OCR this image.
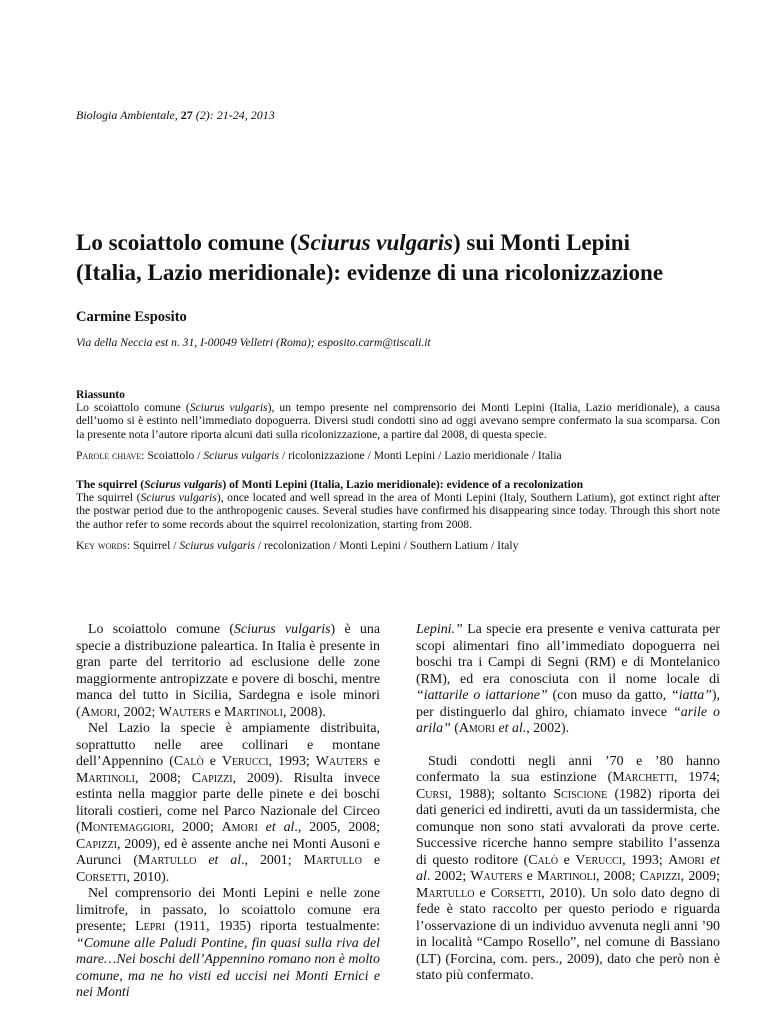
Biologia Ambientale, 27 (2): 21-24, 2013
Lo scoiattolo comune (Sciurus vulgaris) sui Monti Lepini
(Italia, Lazio meridionale): evidenze di una ricolonizzazione
Carmine Esposito
Via della Neccia est n. 31, I-00049 Velletri (Roma); esposito.carm@tiscali.it

Riassunto

Lo scoiattolo comune (Sciurus vulgaris), un tempo presente nel comprensorio dei Monti Lepini (Italia, Lazio meridionale), a causa dell’uomo si è estinto nell’immediato dopoguerra. Diversi studi condotti sino ad oggi avevano sempre confermato la sua scomparsa. Con la presente nota l’autore riporta alcuni dati sulla ricolonizzazione, a partire dal 2008, di questa specie.

Parole chiave: Scoiattolo / Sciurus vulgaris / ricolonizzazione / Monti Lepini / Lazio meridionale / Italia

The squirrel (Sciurus vulgaris) of Monti Lepini (Italia, Lazio meridionale): evidence of a recolonization

The squirrel (Sciurus vulgaris), once located and well spread in the area of Monti Lepini (Italy, Southern Latium), got extinct right after the postwar period due to the anthropogenic causes. Several studies have confirmed his disappearing since today. Through this short note the author refer to some records about the squirrel recolonization, starting from 2008.

Key words: Squirrel / Sciurus vulgaris / recolonization / Monti Lepini / Southern Latium / Italy

Lo scoiattolo comune (Sciurus vulgaris) è una specie a distribuzione paleartica. In Italia è presente in gran parte del territorio ad esclusione delle zone maggiormente antropizzate e povere di boschi, mentre manca del tutto in Sicilia, Sardegna e isole minori (Amori, 2002; Wauters e Martinoli, 2008).

Nel Lazio la specie è ampiamente distribuita, soprattutto nelle aree collinari e montane dell’Appennino (Calò e Verucci, 1993; Wauters e Martinoli, 2008; Capizzi, 2009). Risulta invece estinta nella maggior parte delle pinete e dei boschi litorali costieri, come nel Parco Nazionale del Circeo (Montemaggiori, 2000; Amori et al., 2005, 2008; Capizzi, 2009), ed è assente anche nei Monti Ausoni e Aurunci (Martullo et al., 2001; Martullo e Corsetti, 2010).

Nel comprensorio dei Monti Lepini e nelle zone limitrofe, in passato, lo scoiattolo comune era presente; Lepri (1911, 1935) riporta testualmente: “Comune alle Paludi Pontine, fin quasi sulla riva del mare…Nei boschi dell’Appennino romano non è molto comune, ma ne ho visti ed uccisi nei Monti Ernici e nei Monti

Lepini.” La specie era presente e veniva catturata per scopi alimentari fino all’immediato dopoguerra nei boschi tra i Campi di Segni (RM) e di Montelanico (RM), ed era conosciuta con il nome locale di “iattarile o iattarione” (con muso da gatto, “iatta”), per distinguerlo dal ghiro, chiamato invece “arile o arila” (Amori et al., 2002).

Studi condotti negli anni ’70 e ’80 hanno confermato la sua estinzione (Marchetti, 1974; Cursi, 1988); soltanto Sciscione (1982) riporta dei dati generici ed indiretti, avuti da un tassidermista, che comunque non sono stati avvalorati da prove certe. Successive ricerche hanno sempre stabilito l’assenza di questo roditore (Calò e Verucci, 1993; Amori et al. 2002; Wauters e Martinoli, 2008; Capizzi, 2009; Martullo e Corsetti, 2010). Un solo dato degno di fede è stato raccolto per questo periodo e riguarda l’osservazione di un individuo avvenuta negli anni ’90 in località “Campo Rosello”, nel comune di Bassiano (LT) (Forcina, com. pers., 2009), dato che però non è stato più confermato.
